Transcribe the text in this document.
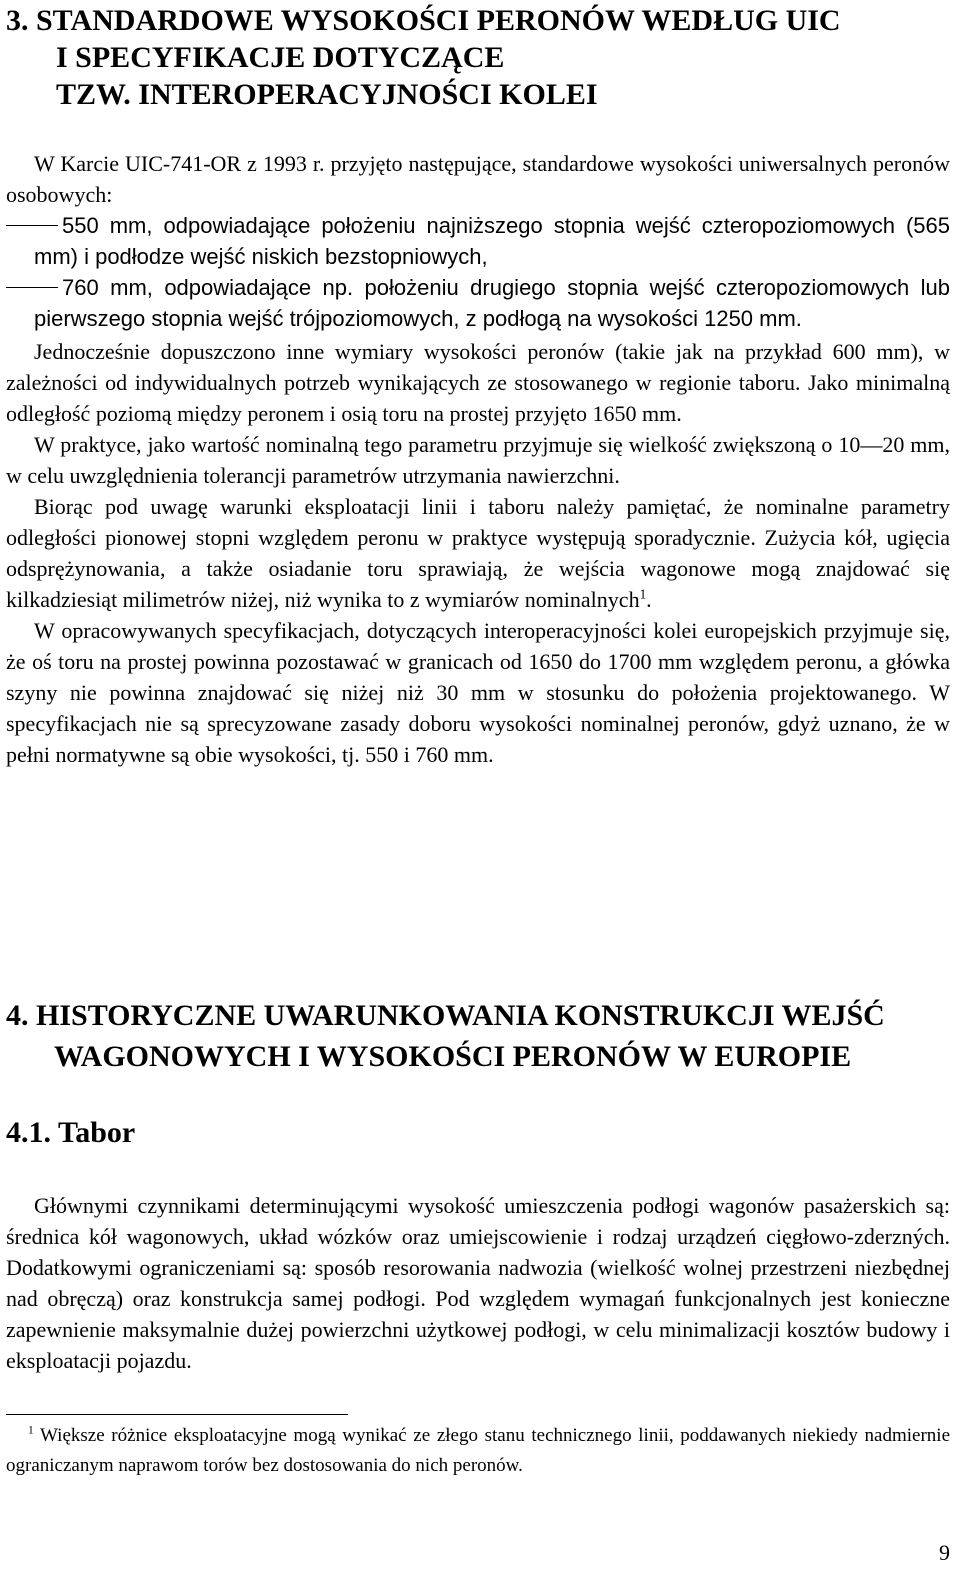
3. STANDARDOWE WYSOKOŚCI PERONÓW WEDŁUG UIC
I SPECYFIKACJE DOTYCZĄCE
TZW. INTEROPERACYJNOŚCI KOLEI

W Karcie UIC-741-OR z 1993 r. przyjęto następujące, standardowe wysokości uniwersalnych peronów osobowych:

550 mm, odpowiadające położeniu najniższego stopnia wejść czteropoziomowych (565 mm) i podłodze wejść niskich bezstopniowych,

760 mm, odpowiadające np. położeniu drugiego stopnia wejść czteropoziomowych lub pierwszego stopnia wejść trójpoziomowych, z podłogą na wysokości 1250 mm.

Jednocześnie dopuszczono inne wymiary wysokości peronów (takie jak na przykład 600 mm), w zależności od indywidualnych potrzeb wynikających ze stosowanego w regionie taboru. Jako minimalną odległość poziomą między peronem i osią toru na prostej przyjęto 1650 mm.

W praktyce, jako wartość nominalną tego parametru przyjmuje się wielkość zwiększoną o 10—20 mm, w celu uwzględnienia tolerancji parametrów utrzymania nawierzchni.

Biorąc pod uwagę warunki eksploatacji linii i taboru należy pamiętać, że nominalne parametry odległości pionowej stopni względem peronu w praktyce występują sporadycznie. Zużycia kół, ugięcia odsprężynowania, a także osiadanie toru sprawiają, że wejścia wagonowe mogą znajdować się kilkadziesiąt milimetrów niżej, niż wynika to z wymiarów nominalnych$^1$.

W opracowywanych specyfikacjach, dotyczących interoperacyjności kolei europejskich przyjmuje się, że oś toru na prostej powinna pozostawać w granicach od 1650 do 1700 mm względem peronu, a główka szyny nie powinna znajdować się niżej niż 30 mm w stosunku do położenia projektowanego. W specyfikacjach nie są sprecyzowane zasady doboru wysokości nominalnej peronów, gdyż uznano, że w pełni normatywne są obie wysokości, tj. 550 i 760 mm.

4. HISTORYCZNE UWARUNKOWANIA KONSTRUKCJI WEJŚĆ
WAGONOWYCH I WYSOKOŚCI PERONÓW W EUROPIE
4.1. Tabor

Głównymi czynnikami determinującymi wysokość umieszczenia podłogi wagonów pasażerskich są: średnica kół wagonowych, układ wózków oraz umiejscowienie i rodzaj urządzeń cięgłowo-zderzných. Dodatkowymi ograniczeniami są: sposób resorowania nadwozia (wielkość wolnej przestrzeni niezbędnej nad obręczą) oraz konstrukcja samej podłogi. Pod względem wymagań funkcjonalnych jest konieczne zapewnienie maksymalnie dużej powierzchni użytkowej podłogi, w celu minimalizacji kosztów budowy i eksploatacji pojazdu.

$^1$ Większe różnice eksploatacyjne mogą wynikać ze złego stanu technicznego linii, poddawanych niekiedy nadmiernie ograniczanym naprawom torów bez dostosowania do nich peronów.

9
